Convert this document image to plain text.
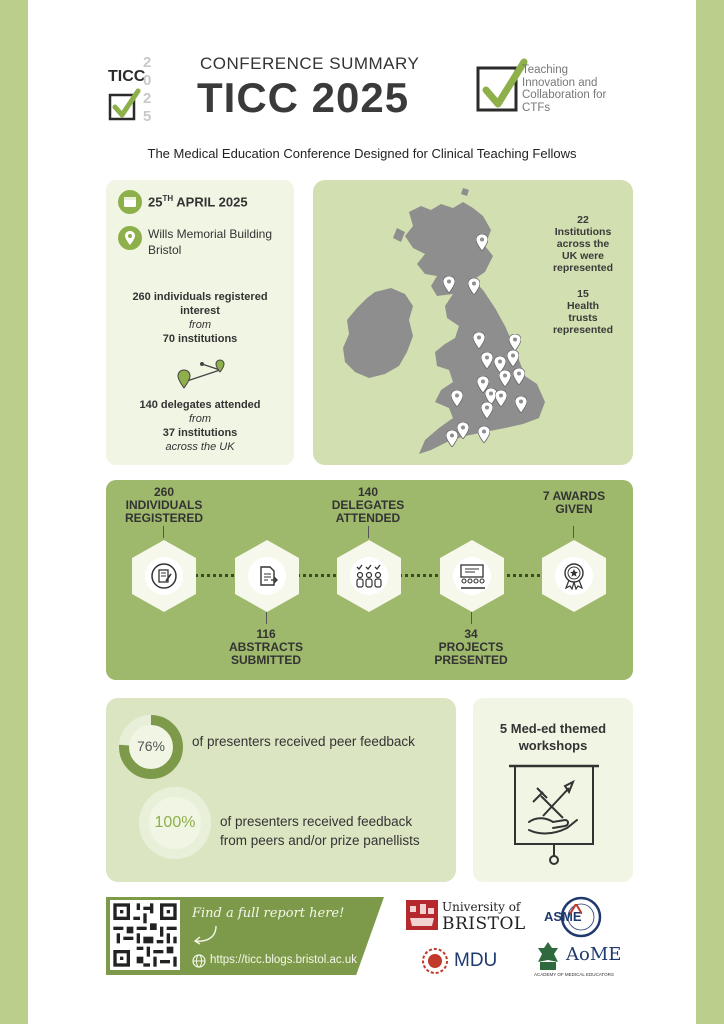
TICC
2
0
2
5
CONFERENCE SUMMARY
TICC 2025
Teaching
Innovation and
Collaboration for
CTFs
The Medical Education Conference Designed for Clinical Teaching Fellows
25TH APRIL 2025
Wills Memorial Building
Bristol
260 individuals registered
interest
from
70 institutions
140 delegates attended
from
37 institutions
across the UK
22
Institutions
across the
UK were
represented
15
Health
trusts
represented
260
INDIVIDUALS
REGISTERED
140
DELEGATES
ATTENDED
7 AWARDS
GIVEN
116
ABSTRACTS
SUBMITTED
34
PROJECTS
PRESENTED
76%	of presenters received peer feedback
100%	of presenters received feedback
from peers and/or prize panellists
5 Med-ed themed
workshops
Find a full report here!
https://ticc.blogs.bristol.ac.uk
University of
BRISTOL ASME
MDU	AoME
ACADEMY OF MEDICAL EDUCATORS
